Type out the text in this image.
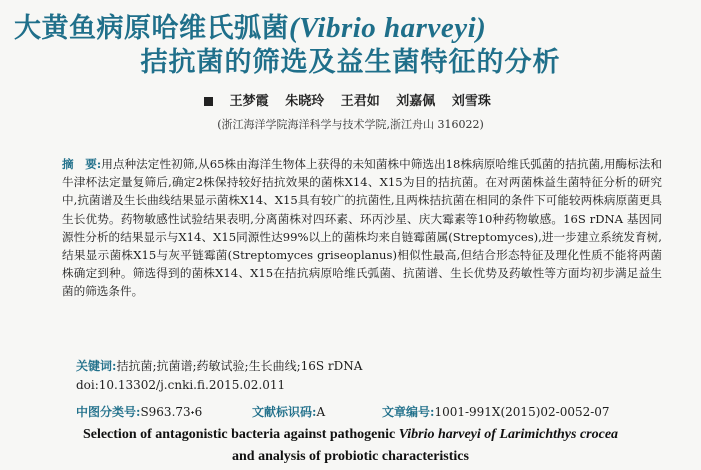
大黄鱼病原哈维氏弧菌(Vibrio harveyi)
拮抗菌的筛选及益生菌特征的分析
王梦霞 朱晓玲 王君如 刘嘉佩 刘雪珠
(浙江海洋学院海洋科学与技术学院,浙江舟山 316022)
摘　要:用点种法定性初筛,从65株由海洋生物体上获得的未知菌株中筛选出18株病原哈维氏弧菌的拮抗菌,用酶标法和牛津杯法定量复筛后,确定2株保持较好拮抗效果的菌株X14、X15为目的拮抗菌。在对两菌株益生菌特征分析的研究中,抗菌谱及生长曲线结果显示菌株X14、X15具有较广的抗菌性,且两株拮抗菌在相同的条件下可能较两株病原菌更具生长优势。药物敏感性试验结果表明,分离菌株对四环素、环丙沙星、庆大霉素等10种药物敏感。16S rDNA 基因同源性分析的结果显示与X14、X15同源性达99%以上的菌株均来自链霉菌属(Streptomyces),进一步建立系统发育树,结果显示菌株X15与灰平链霉菌(Streptomyces griseoplanus)相似性最高,但结合形态特征及理化性质不能将两菌株确定到种。筛选得到的菌株X14、X15在拮抗病原哈维氏弧菌、抗菌谱、生长优势及药敏性等方面均初步满足益生菌的筛选条件。
关键词:拮抗菌;抗菌谱;药敏试验;生长曲线;16S rDNA
doi:10.13302/j.cnki.fi.2015.02.011
中图分类号:S963.73˖6	文献标识码:A	文章编号:1001-991X(2015)02-0052-07
Selection of antagonistic bacteria against pathogenic Vibrio harveyi of Larimichthys crocea
and analysis of probiotic characteristics
